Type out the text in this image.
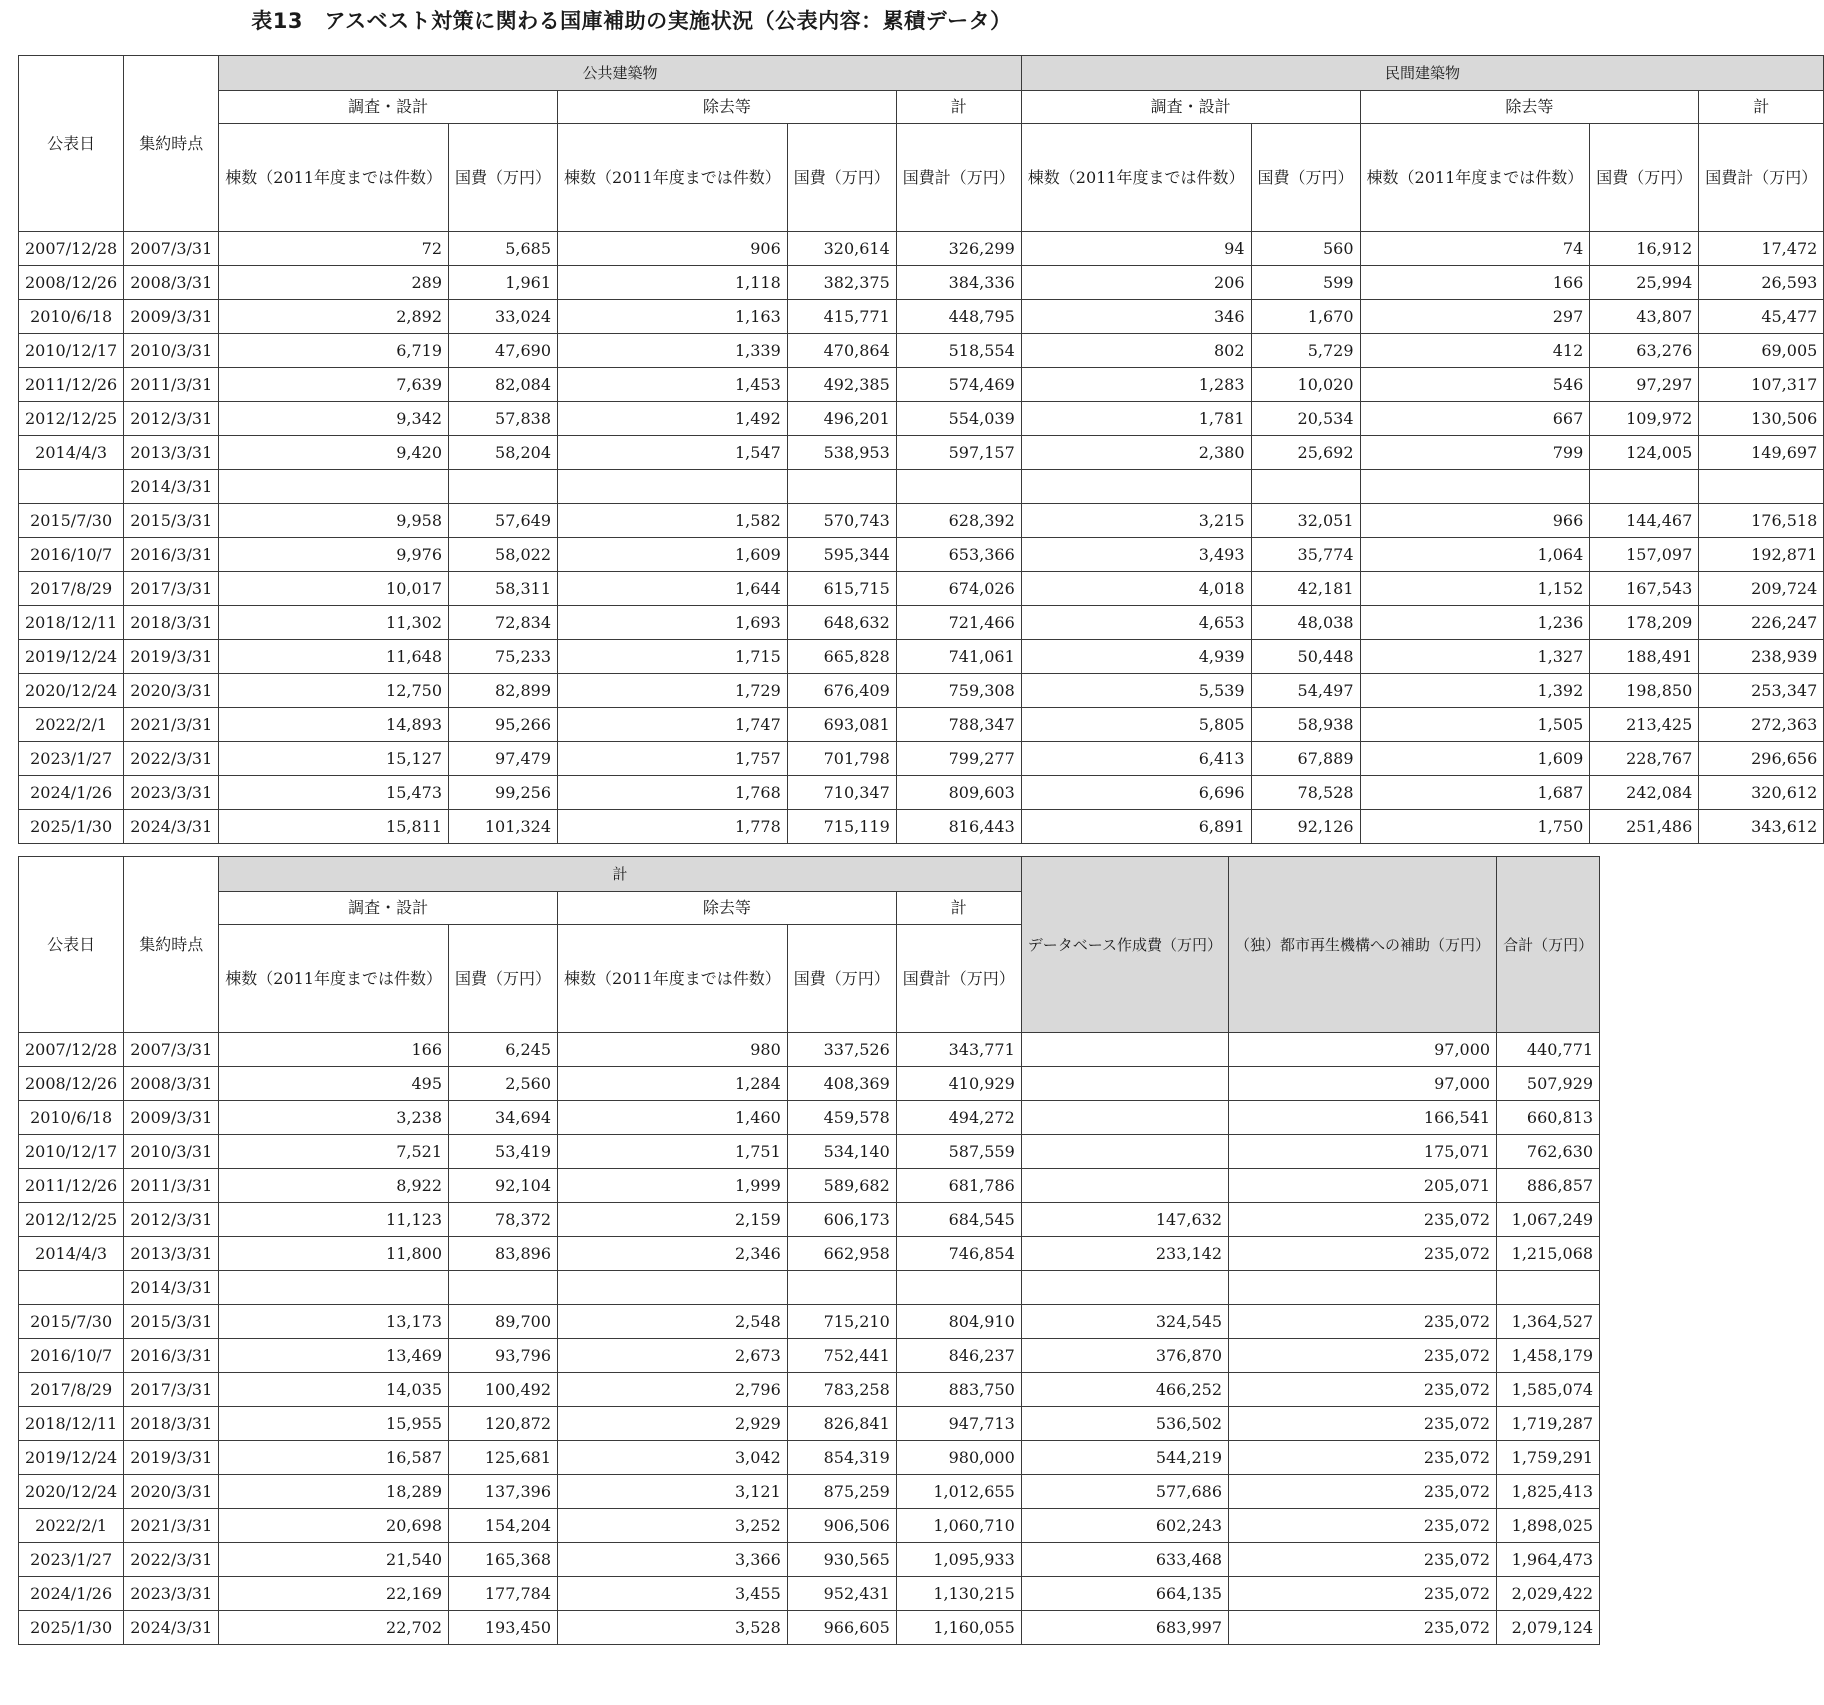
表13　アスベスト対策に関わる国庫補助の実施状況（公表内容：累積データ）
公表日	集約時点	公共建築物					民間建築物				
		調査・設計		除去等		計	調査・設計		除去等		計
		棟数（2011年度までは件数）	国費（万円）	棟数（2011年度までは件数）	国費（万円）	国費計（万円）	棟数（2011年度までは件数）	国費（万円）	棟数（2011年度までは件数）	国費（万円）	国費計（万円）
2007/12/28	2007/3/31	72	5,685	906	320,614	326,299	94	560	74	16,912	17,472
2008/12/26	2008/3/31	289	1,961	1,118	382,375	384,336	206	599	166	25,994	26,593
2010/6/18	2009/3/31	2,892	33,024	1,163	415,771	448,795	346	1,670	297	43,807	45,477
2010/12/17	2010/3/31	6,719	47,690	1,339	470,864	518,554	802	5,729	412	63,276	69,005
2011/12/26	2011/3/31	7,639	82,084	1,453	492,385	574,469	1,283	10,020	546	97,297	107,317
2012/12/25	2012/3/31	9,342	57,838	1,492	496,201	554,039	1,781	20,534	667	109,972	130,506
2014/4/3	2013/3/31	9,420	58,204	1,547	538,953	597,157	2,380	25,692	799	124,005	149,697
	2014/3/31										
2015/7/30	2015/3/31	9,958	57,649	1,582	570,743	628,392	3,215	32,051	966	144,467	176,518
2016/10/7	2016/3/31	9,976	58,022	1,609	595,344	653,366	3,493	35,774	1,064	157,097	192,871
2017/8/29	2017/3/31	10,017	58,311	1,644	615,715	674,026	4,018	42,181	1,152	167,543	209,724
2018/12/11	2018/3/31	11,302	72,834	1,693	648,632	721,466	4,653	48,038	1,236	178,209	226,247
2019/12/24	2019/3/31	11,648	75,233	1,715	665,828	741,061	4,939	50,448	1,327	188,491	238,939
2020/12/24	2020/3/31	12,750	82,899	1,729	676,409	759,308	5,539	54,497	1,392	198,850	253,347
2022/2/1	2021/3/31	14,893	95,266	1,747	693,081	788,347	5,805	58,938	1,505	213,425	272,363
2023/1/27	2022/3/31	15,127	97,479	1,757	701,798	799,277	6,413	67,889	1,609	228,767	296,656
2024/1/26	2023/3/31	15,473	99,256	1,768	710,347	809,603	6,696	78,528	1,687	242,084	320,612
2025/1/30	2024/3/31	15,811	101,324	1,778	715,119	816,443	6,891	92,126	1,750	251,486	343,612
公表日	集約時点	計					データベース作成費（万円）	（独）都市再生機構への補助（万円）	合計（万円）
		調査・設計		除去等		計			
		棟数（2011年度までは件数）	国費（万円）	棟数（2011年度までは件数）	国費（万円）	国費計（万円）			
2007/12/28	2007/3/31	166	6,245	980	337,526	343,771		97,000	440,771
2008/12/26	2008/3/31	495	2,560	1,284	408,369	410,929		97,000	507,929
2010/6/18	2009/3/31	3,238	34,694	1,460	459,578	494,272		166,541	660,813
2010/12/17	2010/3/31	7,521	53,419	1,751	534,140	587,559		175,071	762,630
2011/12/26	2011/3/31	8,922	92,104	1,999	589,682	681,786		205,071	886,857
2012/12/25	2012/3/31	11,123	78,372	2,159	606,173	684,545	147,632	235,072	1,067,249
2014/4/3	2013/3/31	11,800	83,896	2,346	662,958	746,854	233,142	235,072	1,215,068
	2014/3/31								
2015/7/30	2015/3/31	13,173	89,700	2,548	715,210	804,910	324,545	235,072	1,364,527
2016/10/7	2016/3/31	13,469	93,796	2,673	752,441	846,237	376,870	235,072	1,458,179
2017/8/29	2017/3/31	14,035	100,492	2,796	783,258	883,750	466,252	235,072	1,585,074
2018/12/11	2018/3/31	15,955	120,872	2,929	826,841	947,713	536,502	235,072	1,719,287
2019/12/24	2019/3/31	16,587	125,681	3,042	854,319	980,000	544,219	235,072	1,759,291
2020/12/24	2020/3/31	18,289	137,396	3,121	875,259	1,012,655	577,686	235,072	1,825,413
2022/2/1	2021/3/31	20,698	154,204	3,252	906,506	1,060,710	602,243	235,072	1,898,025
2023/1/27	2022/3/31	21,540	165,368	3,366	930,565	1,095,933	633,468	235,072	1,964,473
2024/1/26	2023/3/31	22,169	177,784	3,455	952,431	1,130,215	664,135	235,072	2,029,422
2025/1/30	2024/3/31	22,702	193,450	3,528	966,605	1,160,055	683,997	235,072	2,079,124
